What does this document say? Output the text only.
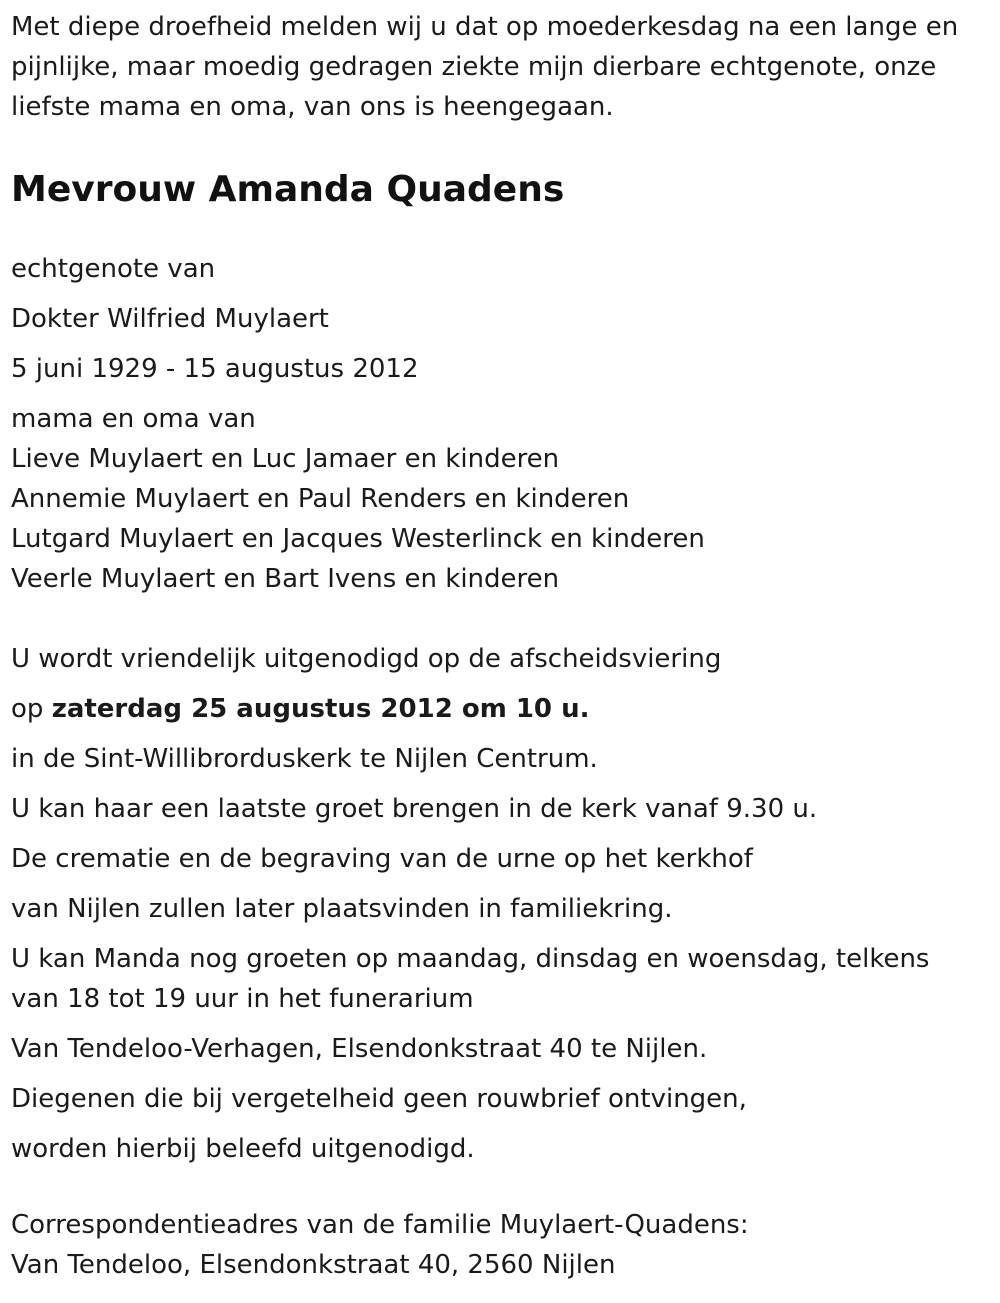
Met diepe droefheid melden wij u dat op moederkesdag na een lange en

pijnlijke, maar moedig gedragen ziekte mijn dierbare echtgenote, onze

liefste mama en oma, van ons is heengegaan.

Mevrouw Amanda Quadens

echtgenote van

Dokter Wilfried Muylaert

5 juni 1929 - 15 augustus 2012

mama en oma van

Lieve Muylaert en Luc Jamaer en kinderen

Annemie Muylaert en Paul Renders en kinderen

Lutgard Muylaert en Jacques Westerlinck en kinderen

Veerle Muylaert en Bart Ivens en kinderen

U wordt vriendelijk uitgenodigd op de afscheidsviering

op zaterdag 25 augustus 2012 om 10 u.

in de Sint-Willibrorduskerk te Nijlen Centrum.

U kan haar een laatste groet brengen in de kerk vanaf 9.30 u.

De crematie en de begraving van de urne op het kerkhof

van Nijlen zullen later plaatsvinden in familiekring.

U kan Manda nog groeten op maandag, dinsdag en woensdag, telkens

van 18 tot 19 uur in het funerarium

Van Tendeloo-Verhagen, Elsendonkstraat 40 te Nijlen.

Diegenen die bij vergetelheid geen rouwbrief ontvingen,

worden hierbij beleefd uitgenodigd.

Correspondentieadres van de familie Muylaert-Quadens:

Van Tendeloo, Elsendonkstraat 40, 2560 Nijlen
